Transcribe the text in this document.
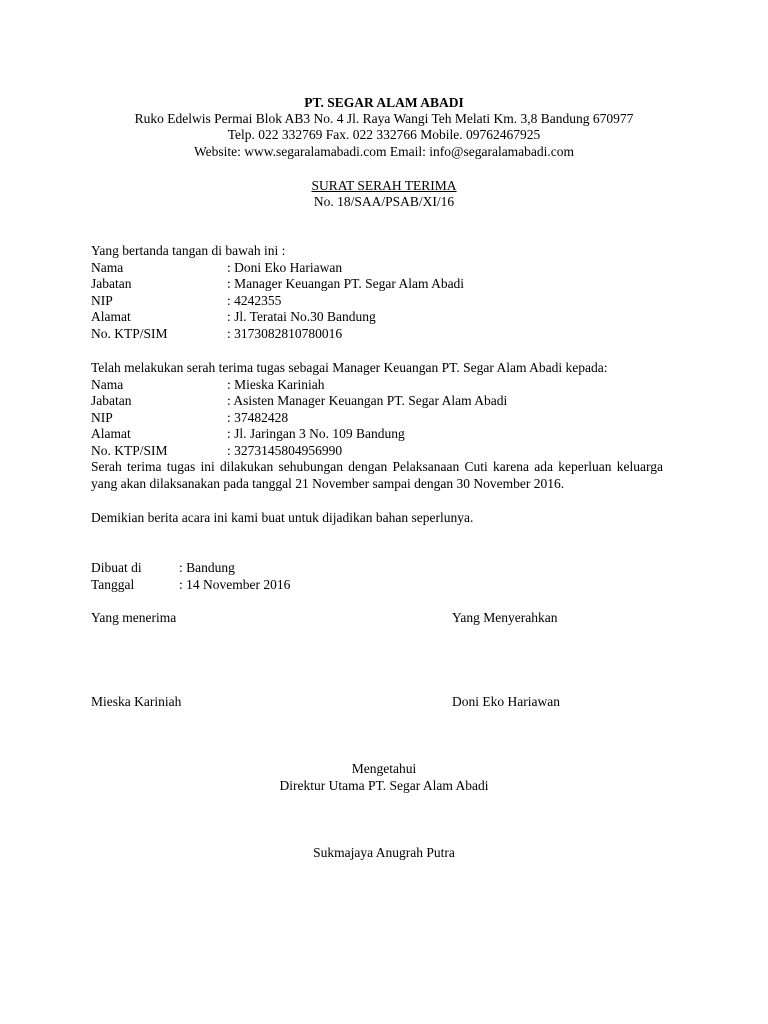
PT. SEGAR ALAM ABADI
Ruko Edelwis Permai Blok AB3 No. 4 Jl. Raya Wangi Teh Melati Km. 3,8 Bandung 670977
Telp. 022 332769 Fax. 022 332766 Mobile. 09762467925
Website: www.segaralamabadi.com Email: info@segaralamabadi.com
SURAT SERAH TERIMA
No. 18/SAA/PSAB/XI/16
Yang bertanda tangan di bawah ini :
Nama	: Doni Eko Hariawan
Jabatan	: Manager Keuangan PT. Segar Alam Abadi
NIP	: 4242355
Alamat	: Jl. Teratai No.30 Bandung
No. KTP/SIM	: 3173082810780016
Telah melakukan serah terima tugas sebagai Manager Keuangan PT. Segar Alam Abadi kepada:
Nama	: Mieska Kariniah
Jabatan	: Asisten Manager Keuangan PT. Segar Alam Abadi
NIP	: 37482428
Alamat	: Jl. Jaringan 3 No. 109 Bandung
No. KTP/SIM	: 3273145804956990
Serah terima tugas ini dilakukan sehubungan dengan Pelaksanaan Cuti karena ada keperluan keluarga yang akan dilaksanakan pada tanggal 21 November sampai dengan 30 November 2016.
Demikian berita acara ini kami buat untuk dijadikan bahan seperlunya.
Dibuat di	: Bandung
Tanggal	: 14 November 2016
Yang menerima	Yang Menyerahkan
Mieska Kariniah	Doni Eko Hariawan
Mengetahui
Direktur Utama PT. Segar Alam Abadi
Sukmajaya Anugrah Putra
